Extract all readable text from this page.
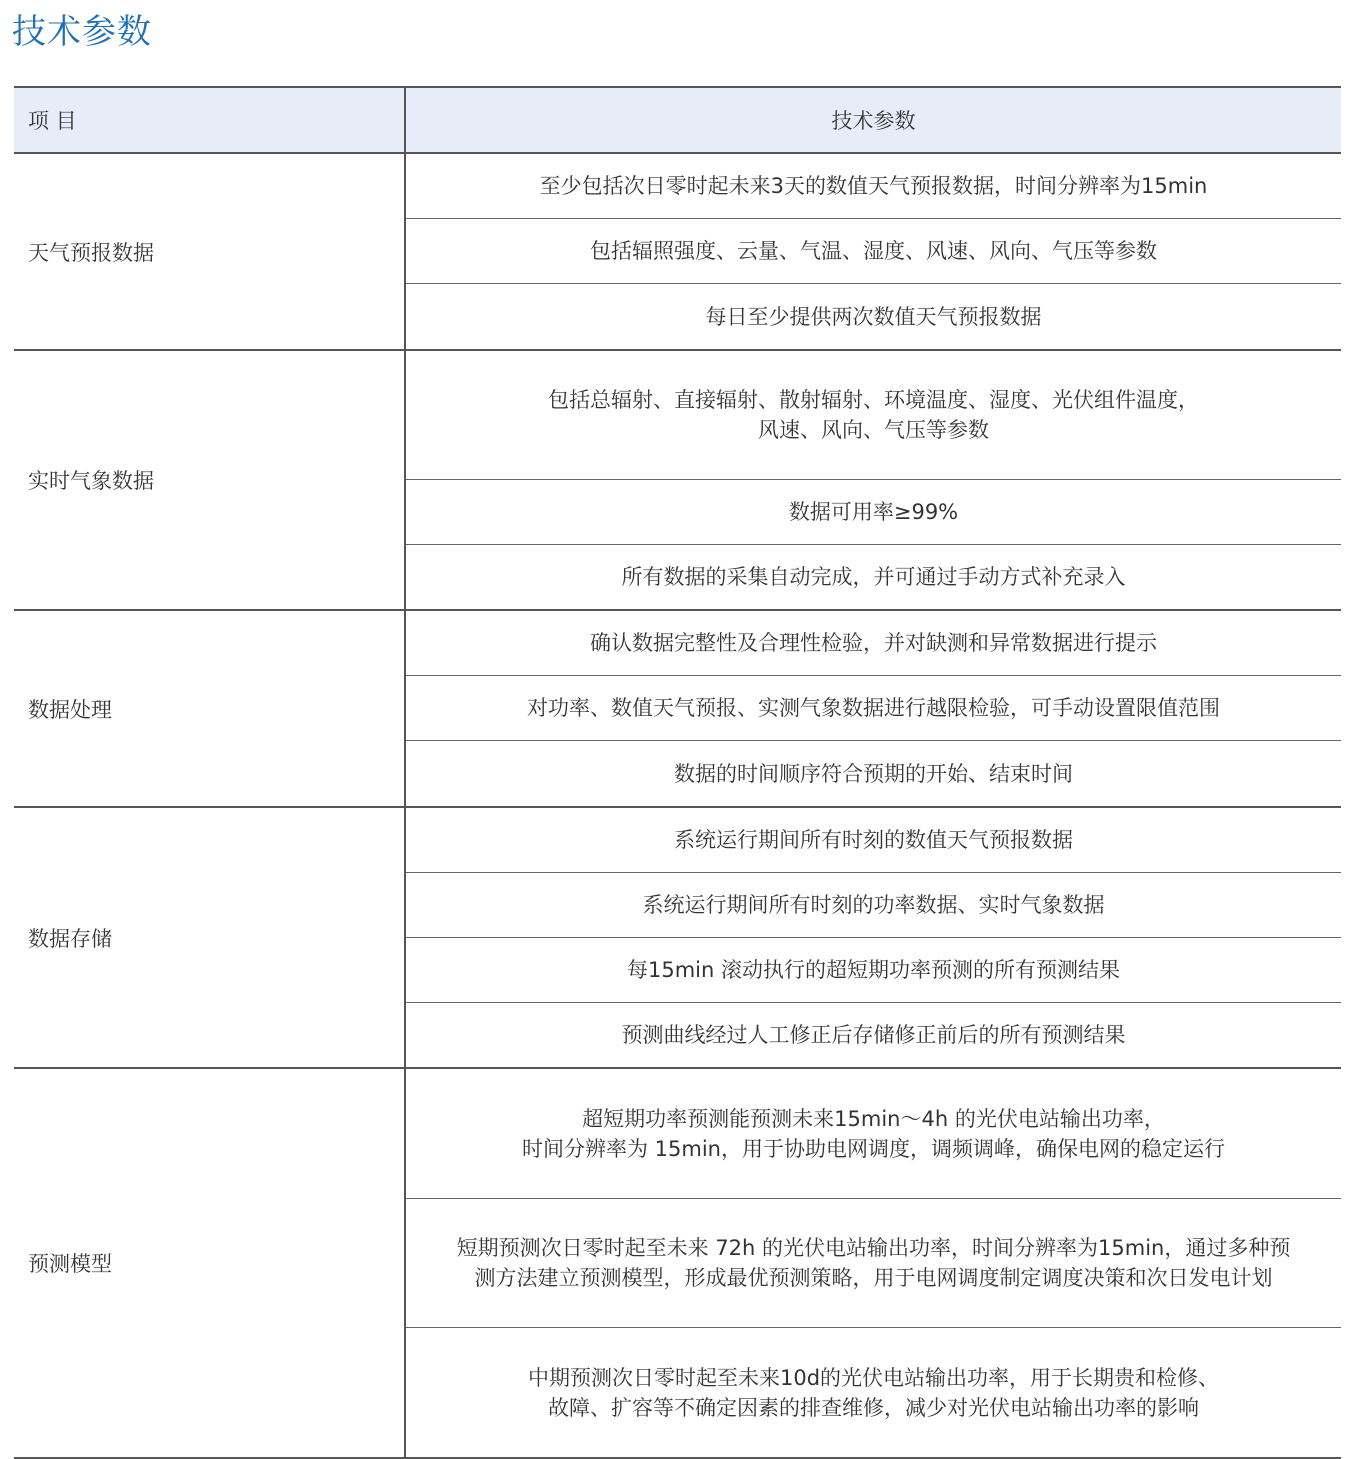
技术参数
项 目	技术参数
天气预报数据	至少包括次日零时起未来3天的数值天气预报数据，时间分辨率为15min

	包括辐照强度、云量、气温、湿度、风速、风向、气压等参数

	每日至少提供两次数值天气预报数据

实时气象数据	包括总辐射、直接辐射、散射辐射、环境温度、湿度、光伏组件温度，
风速、风向、气压等参数

	数据可用率≥99%

	所有数据的采集自动完成，并可通过手动方式补充录入

数据处理	确认数据完整性及合理性检验，并对缺测和异常数据进行提示

	对功率、数值天气预报、实测气象数据进行越限检验，可手动设置限值范围

	数据的时间顺序符合预期的开始、结束时间

数据存储	系统运行期间所有时刻的数值天气预报数据

	系统运行期间所有时刻的功率数据、实时气象数据

	每15min 滚动执行的超短期功率预测的所有预测结果

	预测曲线经过人工修正后存储修正前后的所有预测结果

预测模型	超短期功率预测能预测未来15min～4h 的光伏电站输出功率，
时间分辨率为 15min，用于协助电网调度，调频调峰，确保电网的稳定运行

	短期预测次日零时起至未来 72h 的光伏电站输出功率，时间分辨率为15min，通过多种预
测方法建立预测模型，形成最优预测策略，用于电网调度制定调度决策和次日发电计划

	中期预测次日零时起至未来10d的光伏电站输出功率，用于长期贵和检修、
故障、扩容等不确定因素的排查维修，减少对光伏电站输出功率的影响
